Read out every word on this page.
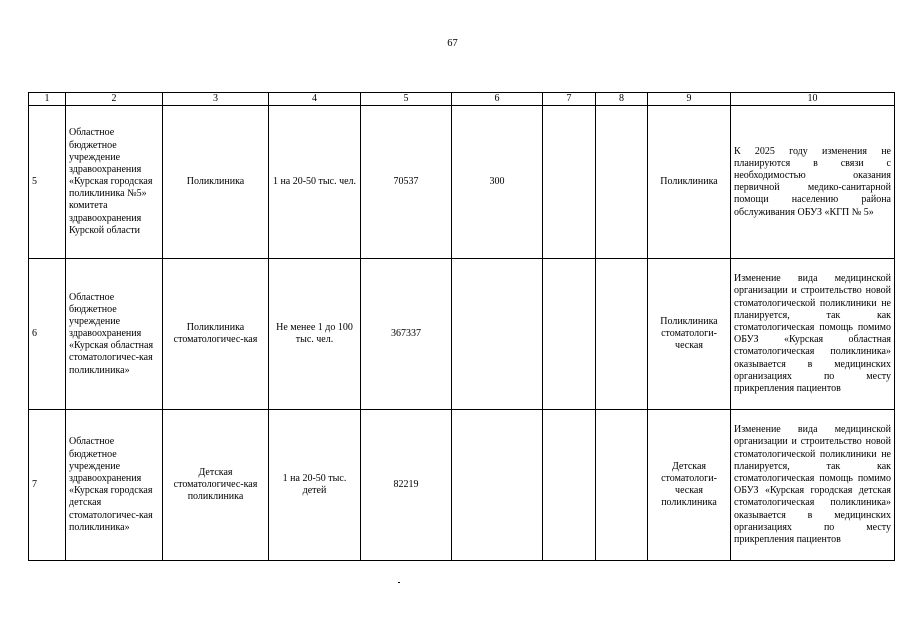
67
1	2	3	4	5	6	7	8	9	10
5	Областное бюджетное учреждение здравоохранения «Курская городская поликлиника №5» комитета здравоохранения Курской области	Поликлиника	1 на 20-50 тыс. чел.	70537	300			Поликлиника	К 2025 году изменения не планируются в связи с необходимостью оказания первичной медико-санитарной помощи населению района обслуживания ОБУЗ «КГП № 5»
6	Областное бюджетное учреждение здравоохранения «Курская областная стоматологичес-кая поликлиника»	Поликлиника стоматологичес-кая	Не менее 1 до 100 тыс. чел.	367337				Поликлиника стоматологи-ческая	Изменение вида медицинской организации и строительство новой стоматологической поликлиники не планируется, так как стоматологическая помощь помимо ОБУЗ «Курская областная стоматологическая поликлиника» оказывается в медицинских организациях по месту прикрепления пациентов
7	Областное бюджетное учреждение здравоохранения «Курская городская детская стоматологичес-кая поликлиника»	Детская стоматологичес-кая поликлиника	1 на 20-50 тыс. детей	82219				Детская стоматологи-ческая поликлиника	Изменение вида медицинской организации и строительство новой стоматологической поликлиники не планируется, так как стоматологическая помощь помимо ОБУЗ «Курская городская детская стоматологическая поликлиника» оказывается в медицинских организациях по месту прикрепления пациентов
